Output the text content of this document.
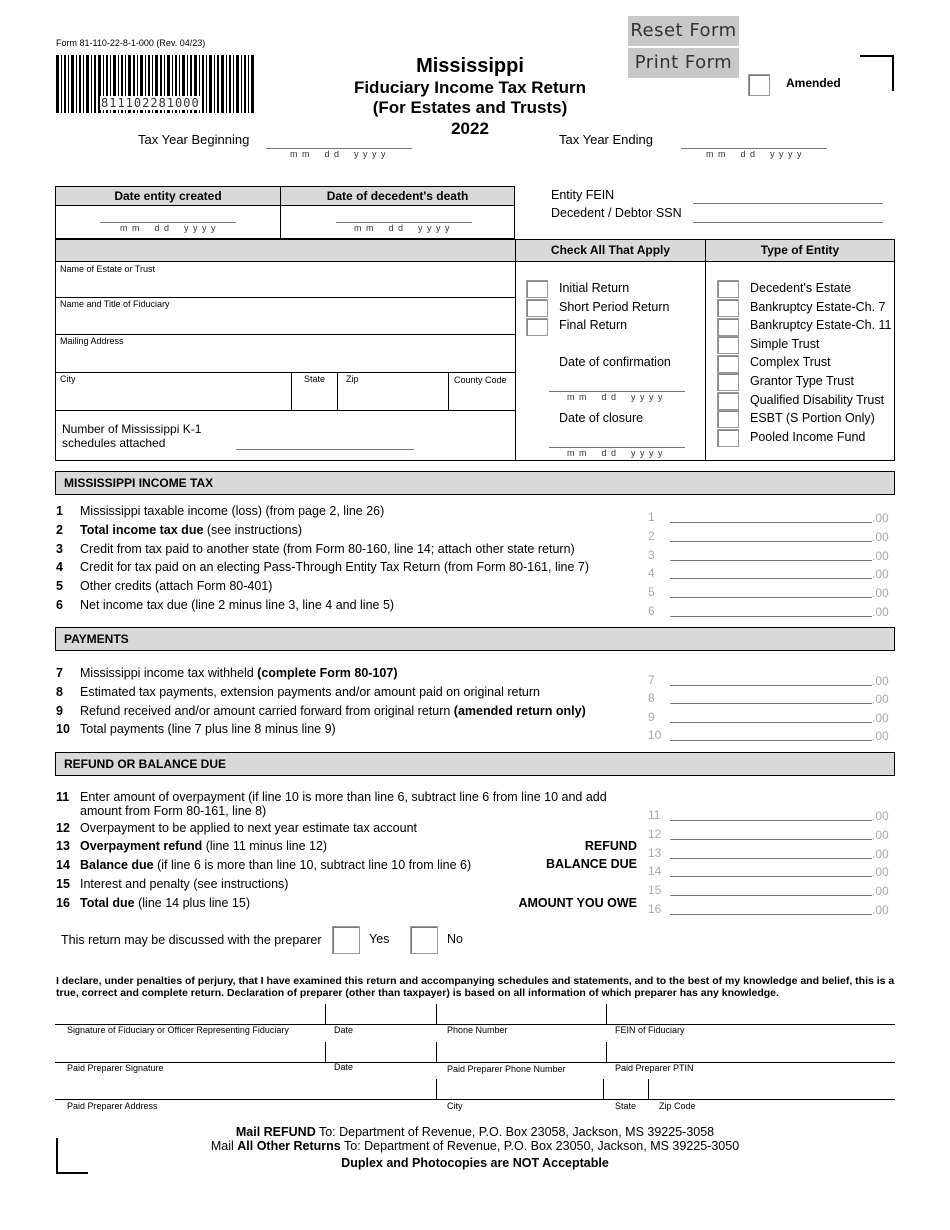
Form 81-110-22-8-1-000 (Rev. 04/23)
811102281000
Mississippi
Fiduciary Income Tax Return
(For Estates and Trusts)
2022
Reset Form
Print Form
Amended
Tax Year Beginning
m m d d y y y y
Tax Year Ending
m m d d y y y y
Date entity created	Date of decedent's death
m m d d y y y y	m m d d y y y y
Entity FEIN
Decedent / Debtor SSN
Check All That Apply	Type of Entity
Name of Estate or Trust
Name and Title of Fiduciary
Mailing Address
City	State Zip	County Code
Number of Mississippi K-1
schedules attached
Initial Return
Short Period Return
Final Return
Date of confirmation
m m d d y y y y
Date of closure
m m d d y y y y
Decedent's Estate
Bankruptcy Estate-Ch. 7
Bankruptcy Estate-Ch. 11
Simple Trust
Complex Trust
Grantor Type Trust
Qualified Disability Trust
ESBT (S Portion Only)
Pooled Income Fund
MISSISSIPPI INCOME TAX
1 Mississippi taxable income (loss) (from page 2, line 26)
2 Total income tax due (see instructions)
3 Credit from tax paid to another state (from Form 80-160, line 14; attach other state return)
4 Credit for tax paid on an electing Pass-Through Entity Tax Return (from Form 80-161, line 7)
5 Other credits (attach Form 80-401)
6 Net income tax due (line 2 minus line 3, line 4 and line 5)
1	.00
2	.00
3	.00
4	.00
5	.00
6	.00
PAYMENTS
7 Mississippi income tax withheld (complete Form 80-107)
8 Estimated tax payments, extension payments and/or amount paid on original return
9 Refund received and/or amount carried forward from original return (amended return only)
10 Total payments (line 7 plus line 8 minus line 9)
7	.00
8	.00
9	.00
10	.00
REFUND OR BALANCE DUE
11 Enter amount of overpayment (if line 10 is more than line 6, subtract line 6 from line 10 and add
amount from Form 80-161, line 8)
12 Overpayment to be applied to next year estimate tax account
13 Overpayment refund (line 11 minus line 12)
14 Balance due (if line 6 is more than line 10, subtract line 10 from line 6)
15 Interest and penalty (see instructions)
16 Total due (line 14 plus line 15)
REFUND
BALANCE DUE
AMOUNT YOU OWE
11	.00
12	.00
13	.00
14	.00
15	.00
16	.00
This return may be discussed with the preparer	Yes	No
I declare, under penalties of perjury, that I have examined this return and accompanying schedules and statements, and to the best of my knowledge and belief, this is a true, correct and complete return. Declaration of preparer (other than taxpayer) is based on all information of which preparer has any knowledge.
Signature of Fiduciary or Officer Representing Fiduciary	Date	Phone Number	FEIN of Fiduciary
Paid Preparer Signature	Date	Paid Preparer Phone Number	Paid Preparer PTIN
Paid Preparer Address	City	State	Zip Code
Mail REFUND To: Department of Revenue, P.O. Box 23058, Jackson, MS 39225-3058
Mail All Other Returns To: Department of Revenue, P.O. Box 23050, Jackson, MS 39225-3050
Duplex and Photocopies are NOT Acceptable
